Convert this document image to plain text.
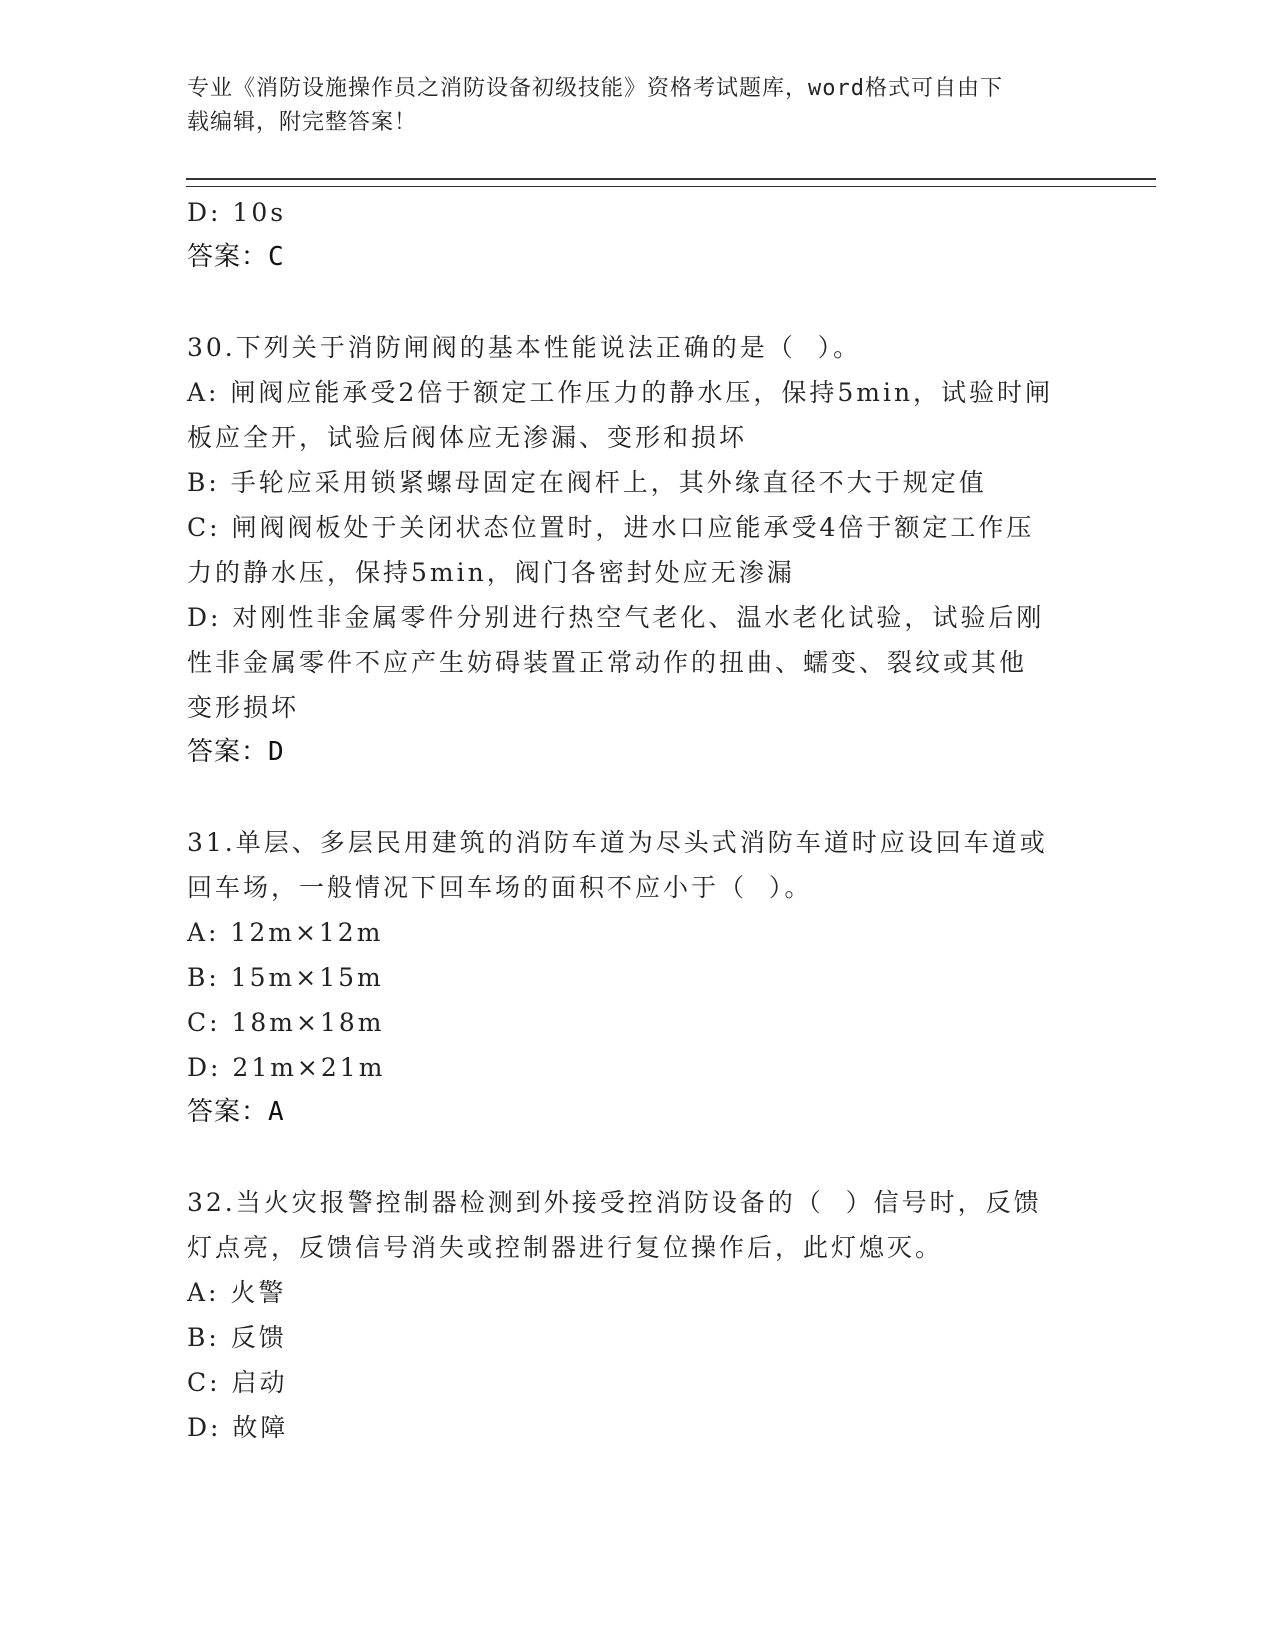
专业《消防设施操作员之消防设备初级技能》资格考试题库，word格式可自由下
载编辑，附完整答案！
D: 10s
答案：C
30.下列关于消防闸阀的基本性能说法正确的是（  ）。
A: 闸阀应能承受2倍于额定工作压力的静水压，保持5min，试验时闸
板应全开，试验后阀体应无渗漏、变形和损坏
B: 手轮应采用锁紧螺母固定在阀杆上，其外缘直径不大于规定值
C: 闸阀阀板处于关闭状态位置时，进水口应能承受4倍于额定工作压
力的静水压，保持5min，阀门各密封处应无渗漏
D: 对刚性非金属零件分别进行热空气老化、温水老化试验，试验后刚
性非金属零件不应产生妨碍装置正常动作的扭曲、蠕变、裂纹或其他
变形损坏
答案：D
31.单层、多层民用建筑的消防车道为尽头式消防车道时应设回车道或
回车场，一般情况下回车场的面积不应小于（  ）。
A: 12m×12m
B: 15m×15m
C: 18m×18m
D: 21m×21m
答案：A
32.当火灾报警控制器检测到外接受控消防设备的（  ）信号时，反馈
灯点亮，反馈信号消失或控制器进行复位操作后，此灯熄灭。
A: 火警
B: 反馈
C: 启动
D: 故障
